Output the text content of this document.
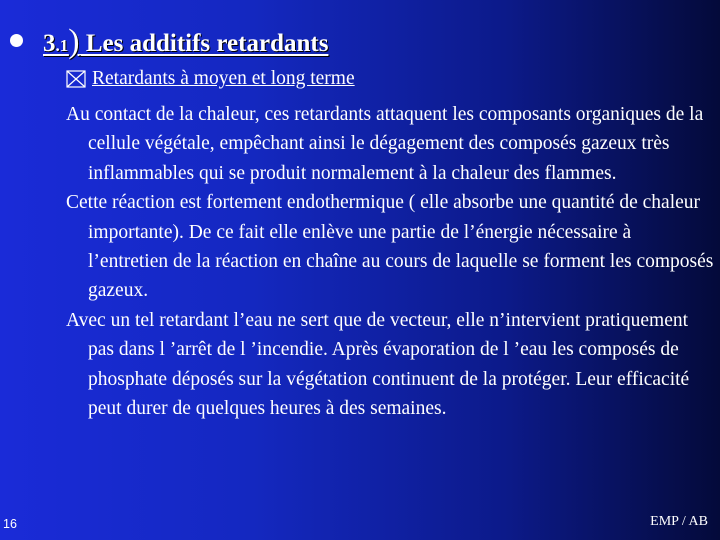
3.1) Les additifs retardants
Retardants à moyen et long terme

Au contact de la chaleur, ces retardants attaquent les composants organiques de la cellule végétale, empêchant ainsi le dégagement des composés gazeux très inflammables qui se produit normalement à la chaleur des flammes.

Cette réaction est fortement endothermique ( elle absorbe une quantité de chaleur importante). De ce fait elle enlève une partie de l’énergie nécessaire à l’entretien de la réaction en chaîne au cours de laquelle se forment les composés gazeux.

Avec un tel retardant l’eau ne sert que de vecteur, elle n’intervient pratiquement pas dans l ’arrêt de l ’incendie. Après évaporation de l ’eau les composés de phosphate déposés sur la végétation continuent de la protéger. Leur efficacité peut durer de quelques heures à des semaines.

16	EMP / AB
